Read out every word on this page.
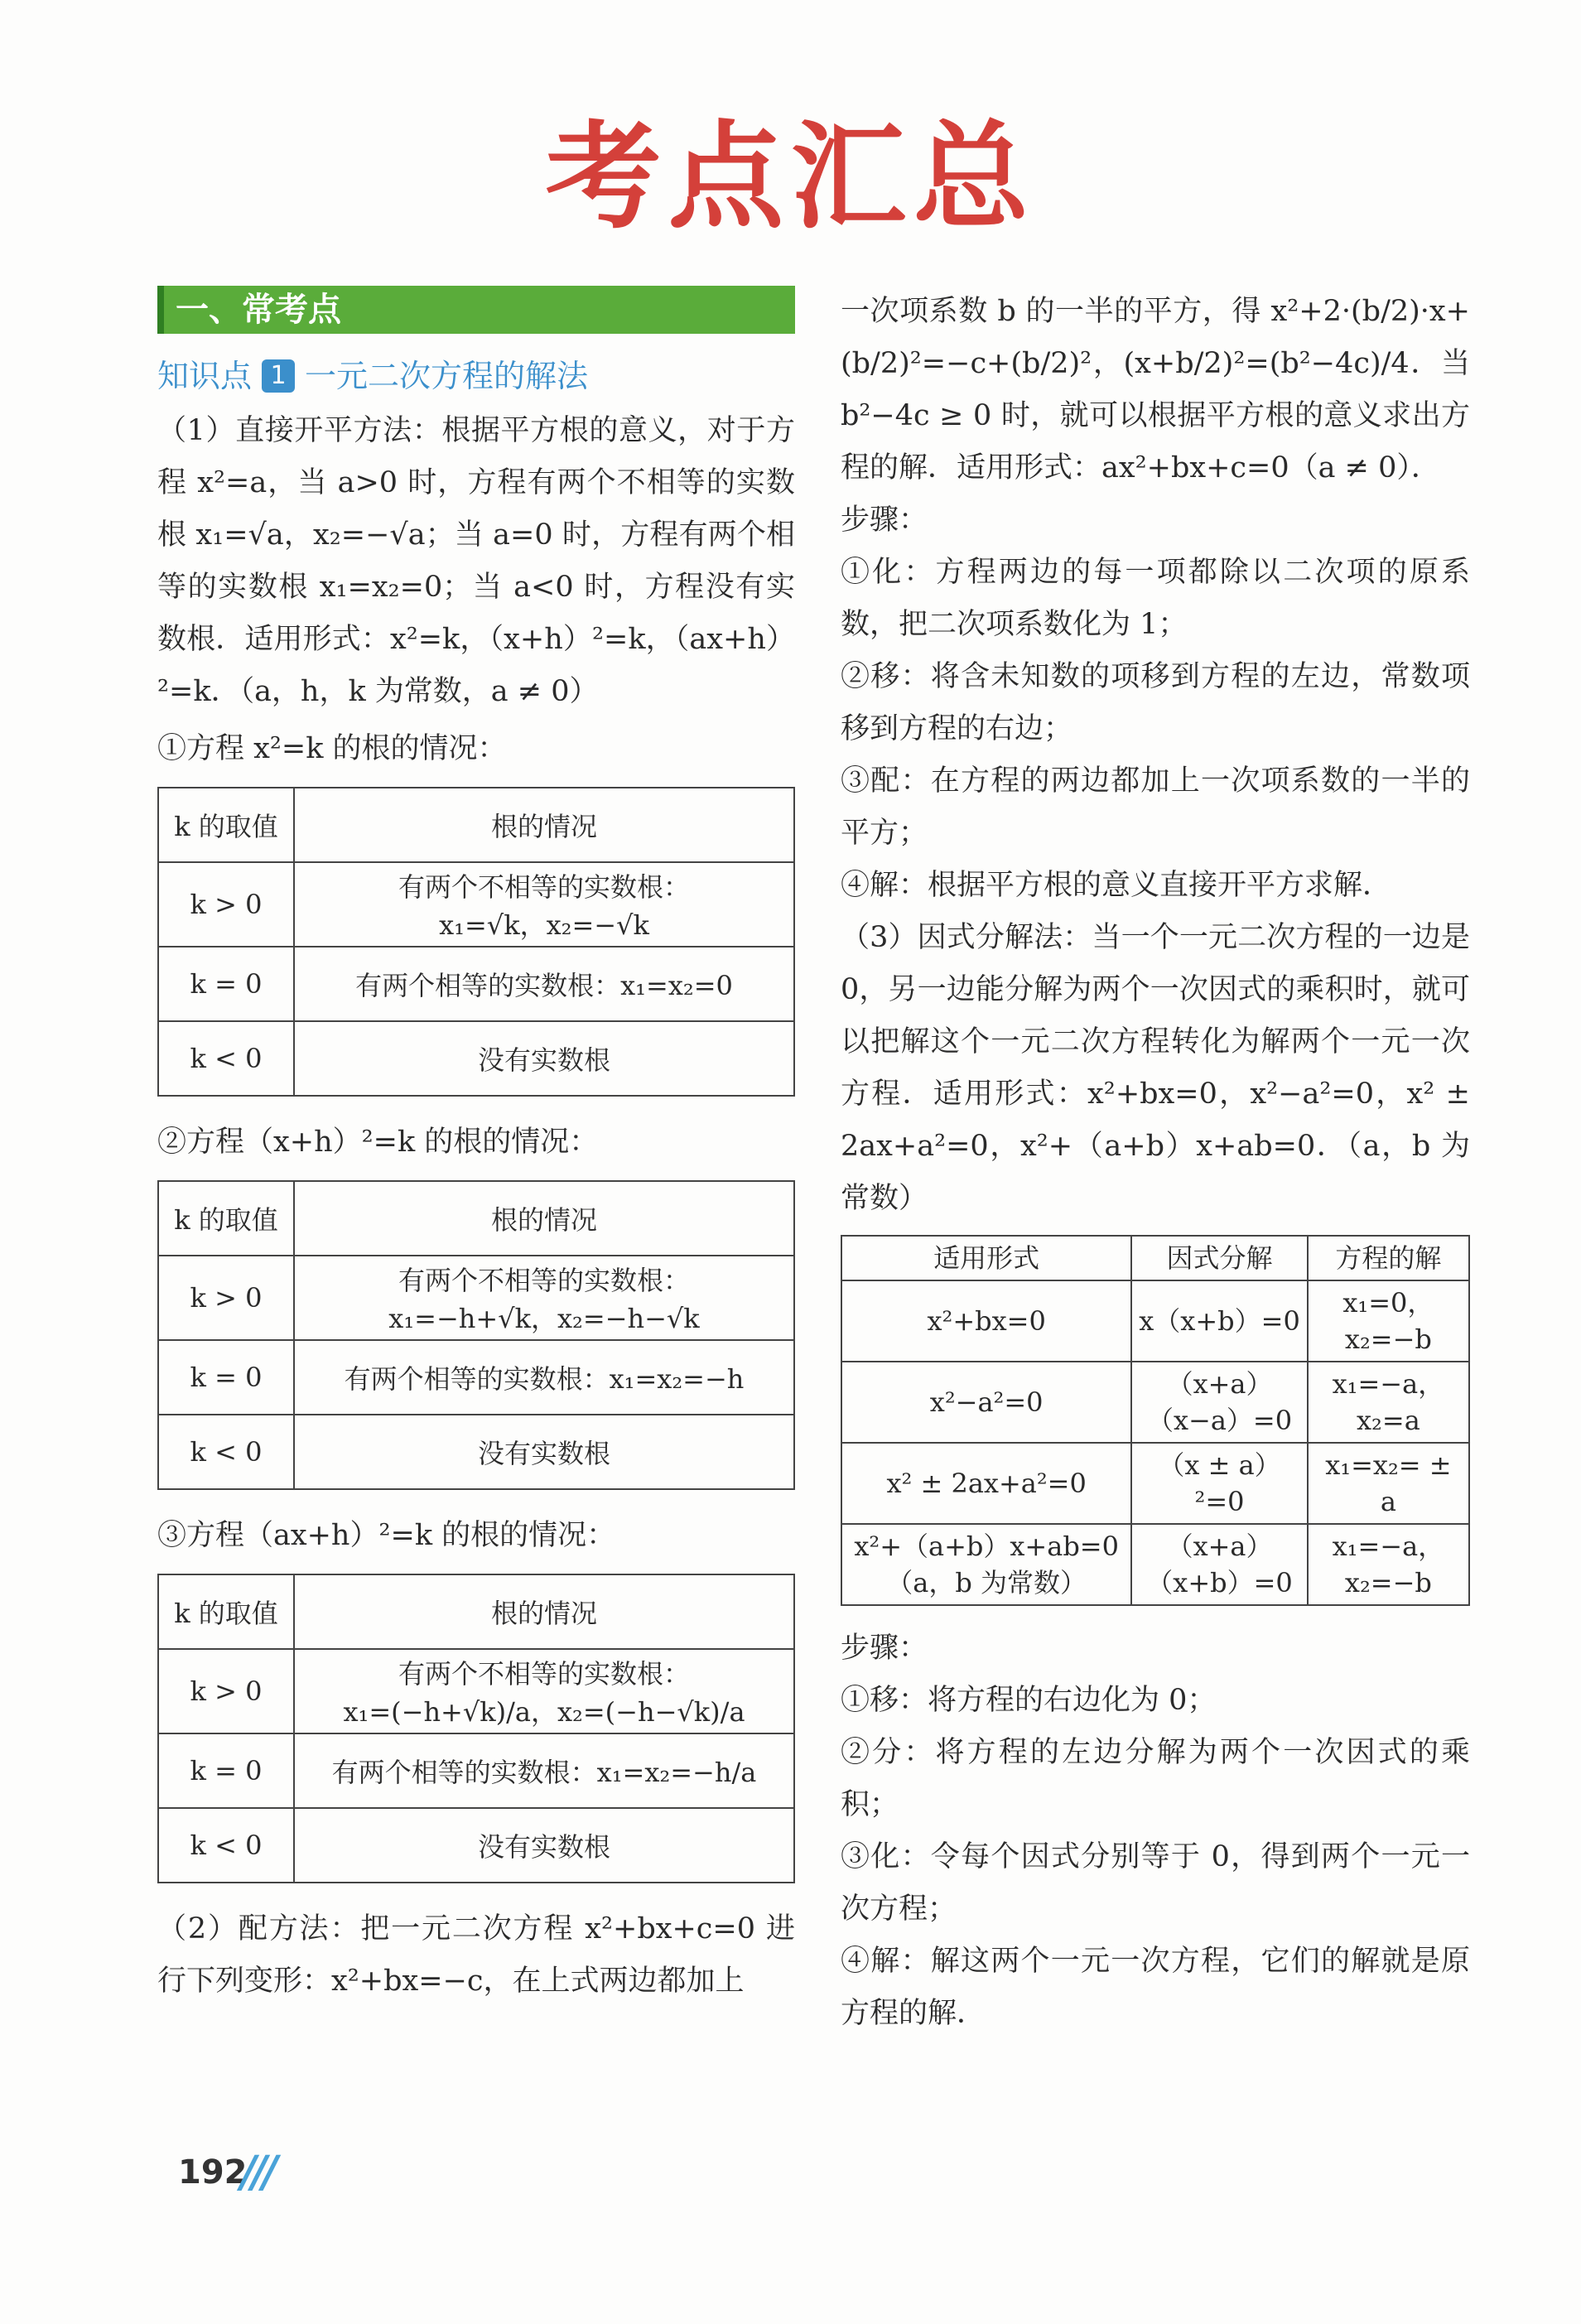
考点汇总
一、常考点
知识点 1 一元二次方程的解法

（1）直接开平方法：根据平方根的意义，对于方程 x²=a，当 a>0 时，方程有两个不相等的实数根 x₁=√a，x₂=−√a；当 a=0 时，方程有两个相等的实数根 x₁=x₂=0；当 a<0 时，方程没有实数根．适用形式：x²=k，（x+h）²=k，（ax+h）²=k．（a，h，k 为常数，a ≠ 0）

①方程 x²=k 的根的情况：
k 的取值	根的情况
k > 0	有两个不相等的实数根：
x₁=√k，x₂=−√k

k = 0	有两个相等的实数根：x₁=x₂=0

k < 0	没有实数根
②方程（x+h）²=k 的根的情况：
k 的取值	根的情况
k > 0	有两个不相等的实数根：
x₁=−h+√k，x₂=−h−√k

k = 0	有两个相等的实数根：x₁=x₂=−h

k < 0	没有实数根
③方程（ax+h）²=k 的根的情况：
k 的取值	根的情况
k > 0	有两个不相等的实数根：
x₁=(−h+√k)/a，x₂=(−h−√k)/a

k = 0	有两个相等的实数根：x₁=x₂=−h/a

k < 0	没有实数根

（2）配方法：把一元二次方程 x²+bx+c=0 进行下列变形：x²+bx=−c，在上式两边都加上

一次项系数 b 的一半的平方，得 x²+2·(b/2)·x+(b/2)²=−c+(b/2)²，(x+b/2)²=(b²−4c)/4．当 b²−4c ≥ 0 时，就可以根据平方根的意义求出方程的解．适用形式：ax²+bx+c=0（a ≠ 0）．

步骤：

①化：方程两边的每一项都除以二次项的原系数，把二次项系数化为 1；

②移：将含未知数的项移到方程的左边，常数项移到方程的右边；

③配：在方程的两边都加上一次项系数的一半的平方；

④解：根据平方根的意义直接开平方求解．

（3）因式分解法：当一个一元二次方程的一边是 0，另一边能分解为两个一次因式的乘积时，就可以把解这个一元二次方程转化为解两个一元一次方程．适用形式：x²+bx=0，x²−a²=0，x² ± 2ax+a²=0，x²+（a+b）x+ab=0．（a，b 为常数）

适用形式	因式分解	方程的解
x²+bx=0	x（x+b）=0	x₁=0，x₂=−b
x²−a²=0	（x+a）（x−a）=0	x₁=−a，x₂=a
x² ± 2ax+a²=0	（x ± a）²=0	x₁=x₂= ± a
x²+（a+b）x+ab=0（a，b 为常数）	（x+a）（x+b）=0	x₁=−a，x₂=−b

步骤：

①移：将方程的右边化为 0；

②分：将方程的左边分解为两个一次因式的乘积；

③化：令每个因式分别等于 0，得到两个一元一次方程；

④解：解这两个一元一次方程，它们的解就是原方程的解．

192
///
